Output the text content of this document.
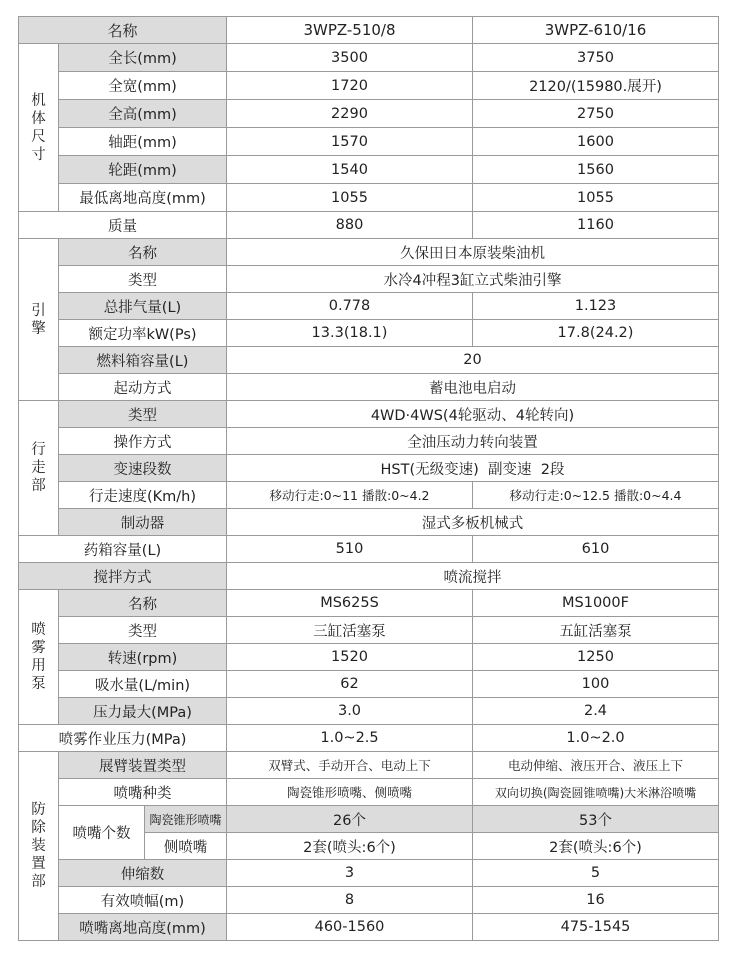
名称			3WPZ-510/8	3WPZ-610/16

机
体
尺
寸	全长(mm)		3500	3750
	全宽(mm)		1720	2120/(15980.展开)
	全高(mm)		2290	2750
	轴距(mm)		1570	1600
	轮距(mm)		1540	1560
	最低离地高度(mm)		1055	1055
质量			880	1160

引
擎	名称		久保田日本原装柴油机	
	类型		水冷4冲程3缸立式柴油引擎	
	总排气量(L)		0.778	1.123
	额定功率kW(Ps)		13.3(18.1)	17.8(24.2)
	燃料箱容量(L)		20	
	起动方式		蓄电池电启动	

行
走
部	类型		4WD·4WS(4轮驱动、4轮转向)	
	操作方式		全油压动力转向装置	
	变速段数		HST(无级变速)  副变速  2段	
	行走速度(Km/h)		移动行走:0~11 播散:0~4.2	移动行走:0~12.5 播散:0~4.4
	制动器		湿式多板机械式	
药箱容量(L)			510	610
搅拌方式			喷流搅拌	

喷
雾
用
泵	名称		MS625S	MS1000F
	类型		三缸活塞泵	五缸活塞泵
	转速(rpm)		1520	1250
	吸水量(L/min)		62	100
	压力最大(MPa)		3.0	2.4
喷雾作业压力(MPa)			1.0~2.5	1.0~2.0

防
除
装
置
部	展臂装置类型		双臂式、手动开合、电动上下	电动伸缩、液压开合、液压上下
	喷嘴种类		陶瓷锥形喷嘴、侧喷嘴	双向切换(陶瓷圆锥喷嘴)大米淋浴喷嘴
	喷嘴个数	陶瓷锥形喷嘴	26个	53个
		侧喷嘴	2套(喷头:6个)	2套(喷头:6个)
	伸缩数		3	5
	有效喷幅(m)		8	16
	喷嘴离地高度(mm)		460-1560	475-1545
